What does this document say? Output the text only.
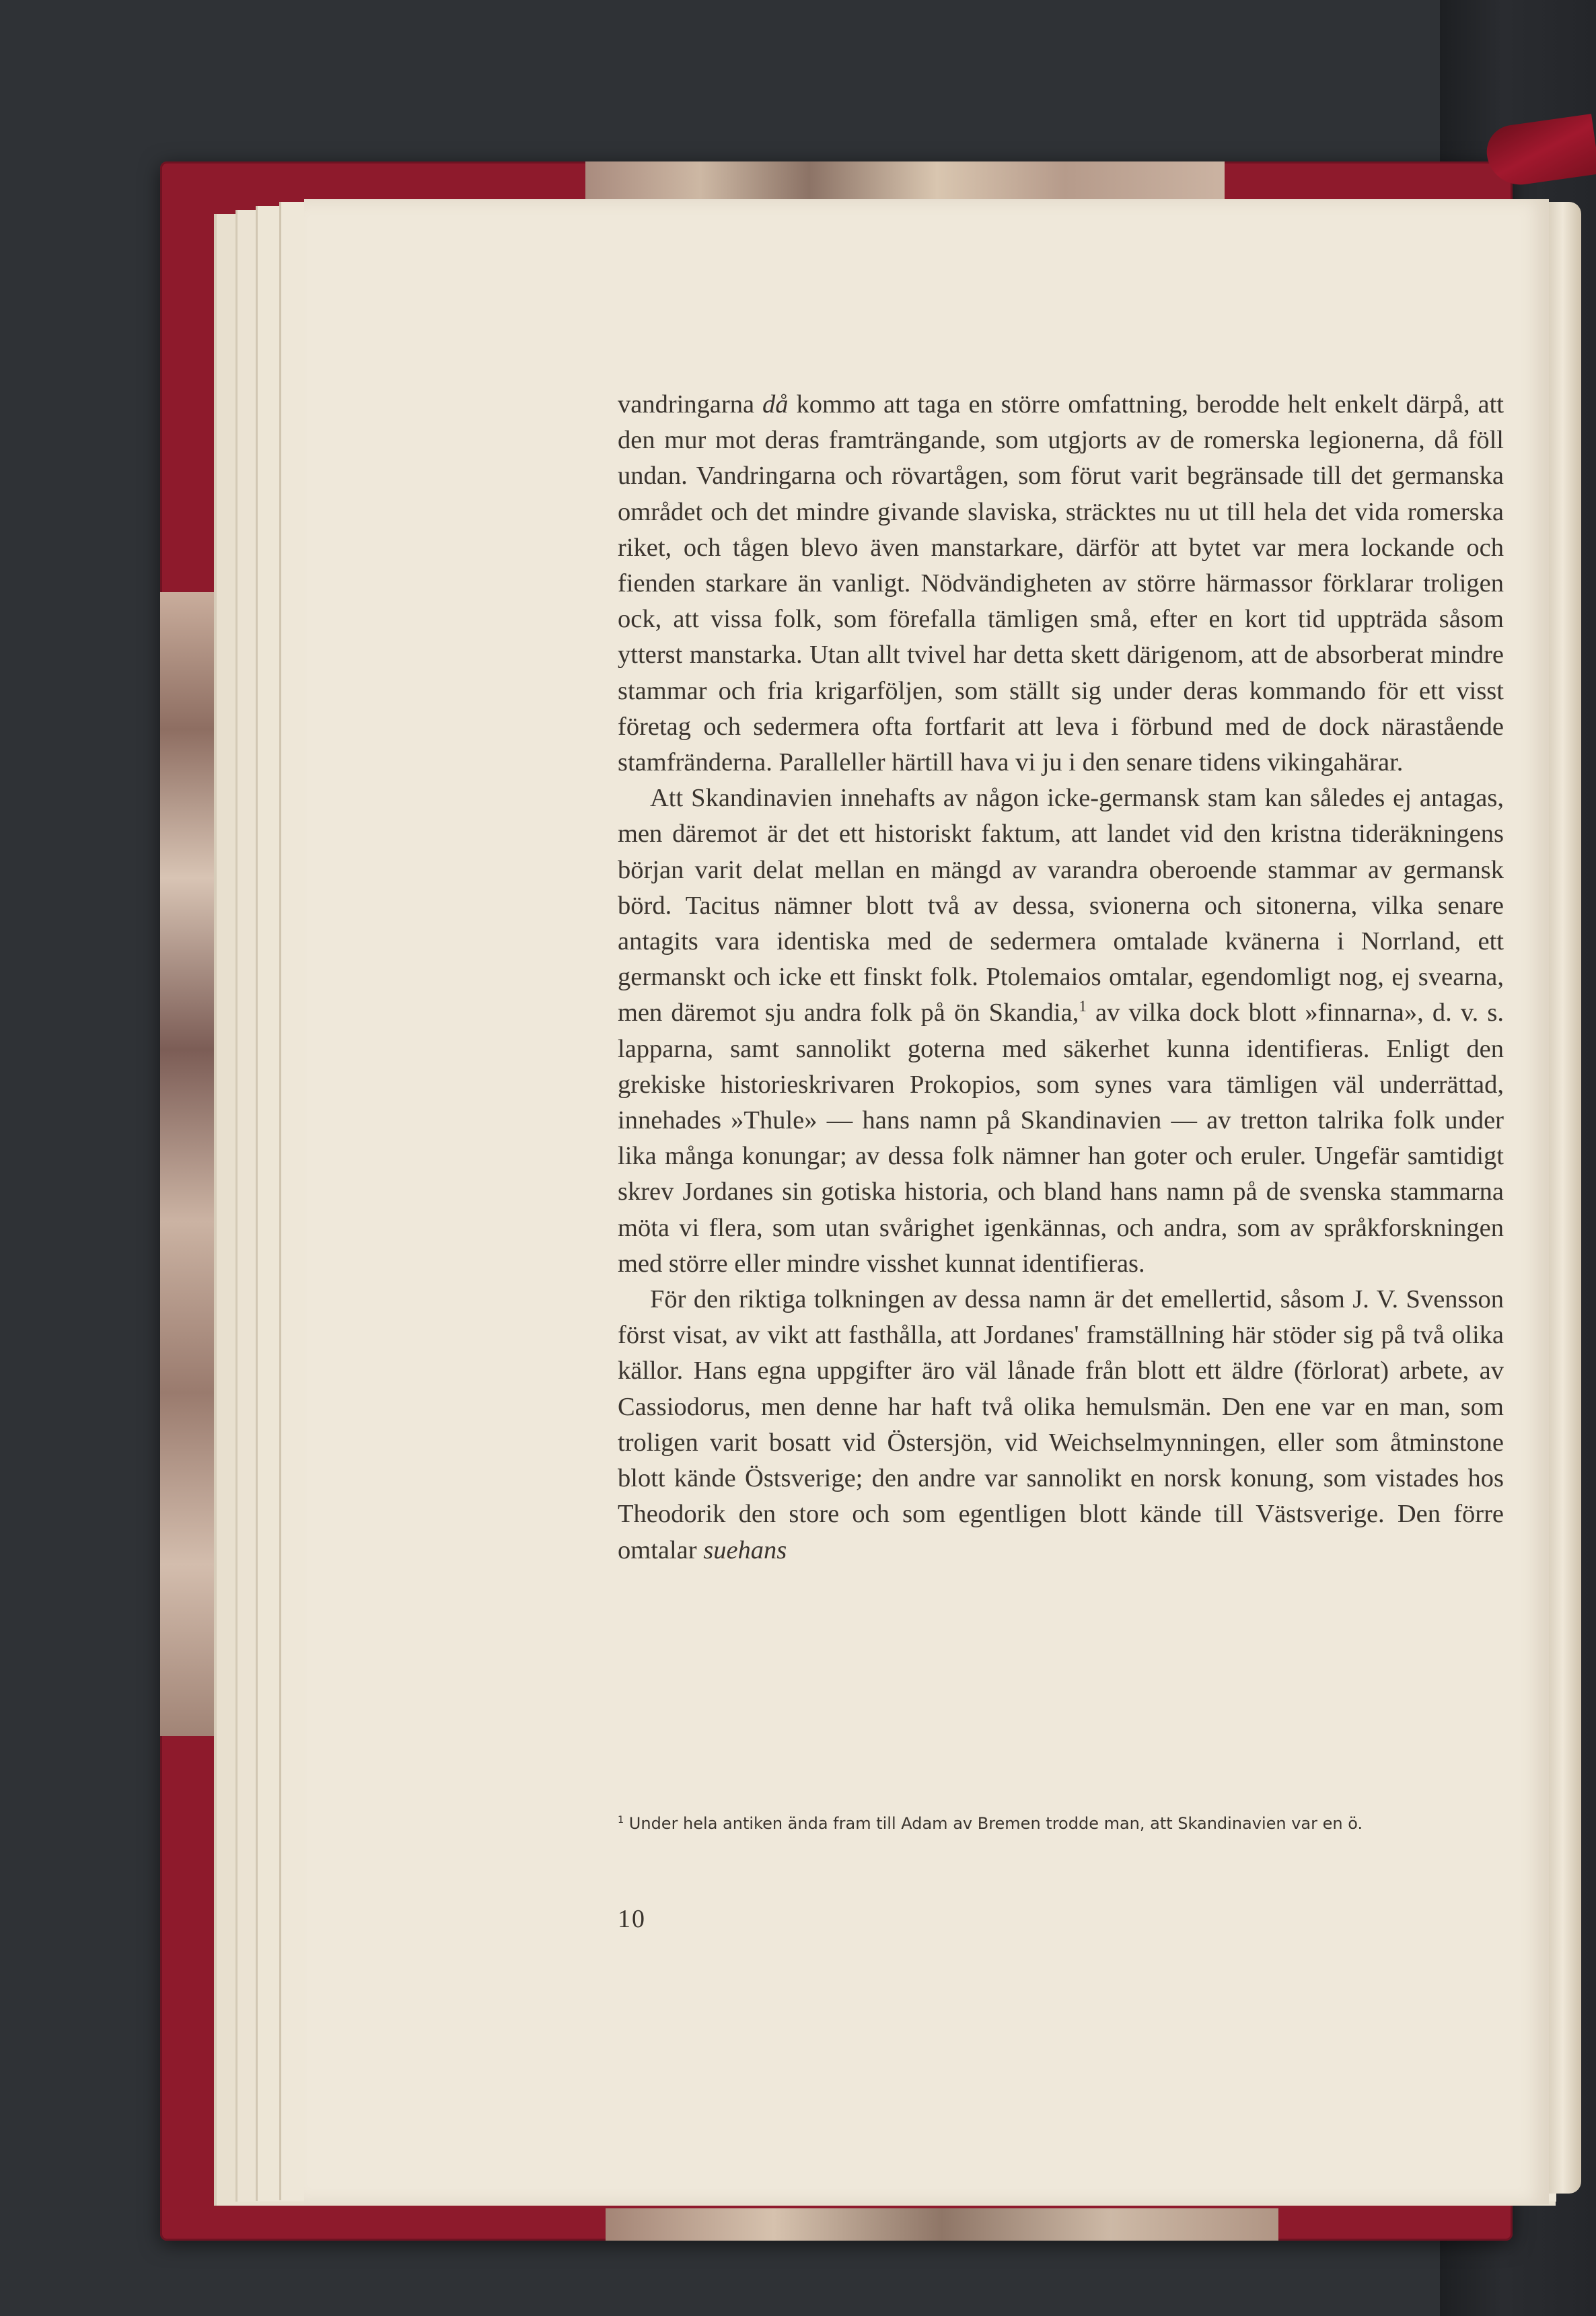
vandringarna då kommo att taga en större omfattning, berodde helt enkelt därpå, att den mur mot deras framträngande, som utgjorts av de romerska legionerna, då föll undan. Vandringarna och rövartågen, som förut varit begränsade till det germanska området och det mindre givande slaviska, sträcktes nu ut till hela det vida romerska riket, och tågen blevo även manstarkare, därför att bytet var mera lockande och fienden starkare än vanligt. Nödvändigheten av större härmassor förklarar troligen ock, att vissa folk, som förefalla tämligen små, efter en kort tid uppträda såsom ytterst manstarka. Utan allt tvivel har detta skett därigenom, att de absorberat mindre stammar och fria krigarföljen, som ställt sig under deras kommando för ett visst företag och sedermera ofta fortfarit att leva i förbund med de dock närastående stamfränderna. Paralleller härtill hava vi ju i den senare tidens vikingahärar.

Att Skandinavien innehafts av någon icke-germansk stam kan således ej antagas, men däremot är det ett historiskt faktum, att landet vid den kristna tideräkningens början varit delat mellan en mängd av varandra oberoende stammar av germansk börd. Tacitus nämner blott två av dessa, svionerna och sitonerna, vilka senare antagits vara identiska med de sedermera omtalade kvänerna i Norrland, ett germanskt och icke ett finskt folk. Ptolemaios omtalar, egendomligt nog, ej svearna, men däremot sju andra folk på ön Skandia,$^1$ av vilka dock blott »finnarna», d. v. s. lapparna, samt sannolikt goterna med säkerhet kunna identifieras. Enligt den grekiske historieskrivaren Prokopios, som synes vara tämligen väl underrättad, innehades »Thule» — hans namn på Skandinavien — av tretton talrika folk under lika många konungar; av dessa folk nämner han goter och eruler. Ungefär samtidigt skrev Jordanes sin gotiska historia, och bland hans namn på de svenska stammarna möta vi flera, som utan svårighet igenkännas, och andra, som av språkforskningen med större eller mindre visshet kunnat identifieras.

För den riktiga tolkningen av dessa namn är det emellertid, såsom J. V. Svensson först visat, av vikt att fasthålla, att Jordanes' framställning här stöder sig på två olika källor. Hans egna uppgifter äro väl lånade från blott ett äldre (förlorat) arbete, av Cassiodorus, men denne har haft två olika hemulsmän. Den ene var en man, som troligen varit bosatt vid Östersjön, vid Weichselmynningen, eller som åtminstone blott kände Östsverige; den andre var sannolikt en norsk konung, som vistades hos Theodorik den store och som egentligen blott kände till Västsverige. Den förre omtalar suehans

$^1$ Under hela antiken ända fram till Adam av Bremen trodde man, att Skandinavien var en ö.
10
